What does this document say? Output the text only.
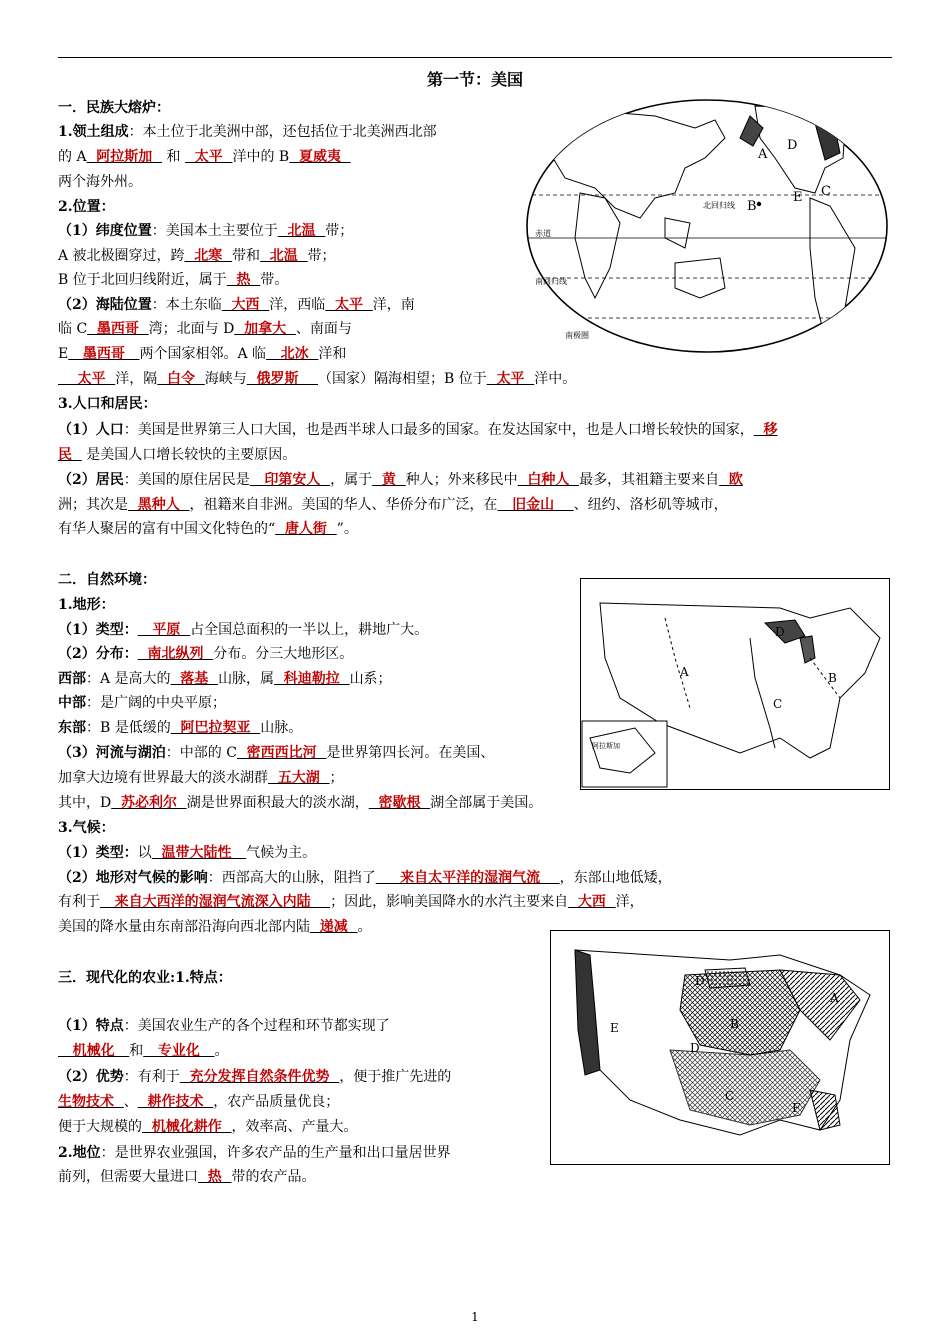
第一节：美国
一．民族大熔炉：
1.领土组成：本土位于北美洲中部，还包括位于北美洲西北部
的 A  阿拉斯加   和   太平  洋中的 B  夏威夷
两个海外州。
2.位置：
（1）纬度位置：美国本土主要位于  北温  带；
A 被北极圈穿过，跨  北寒  带和  北温  带；
B 位于北回归线附近，属于  热  带。
（2）海陆位置：本土东临  大西  洋，西临  太平  洋，南
临 C  墨西哥  湾；北面与 D  加拿大  、南面与
E   墨西哥   两个国家相邻。A 临   北冰  洋和
太平  洋，隔  白令  海峡与  俄罗斯    （国家）隔海相望；B 位于  太平  洋中。
3.人口和居民：
（1）人口：美国是世界第三人口大国，也是西半球人口最多的国家。在发达国家中，也是人口增长较快的国家，  移
民   是美国人口增长较快的主要原因。
（2）居民：美国的原住居民是   印第安人  ，属于  黄  种人；外来移民中  白种人  最多，其祖籍主要来自  欧
洲；其次是  黑种人  ，祖籍来自非洲。美国的华人、华侨分布广泛，在   旧金山    、纽约、洛杉矶等城市，
有华人聚居的富有中国文化特色的“  唐人街  ”。
二．自然环境：
1.地形：
（1）类型：   平原  占全国总面积的一半以上，耕地广大。
（2）分布：  南北纵列  分布。分三大地形区。
西部：A 是高大的  落基  山脉，属  科迪勒拉  山系；
中部：是广阔的中央平原；
东部：B 是低缓的  阿巴拉契亚  山脉。
（3）河流与湖泊：中部的 C  密西西比河  是世界第四长河。在美国、
加拿大边境有世界最大的淡水湖群  五大湖  ；
其中，D  苏必利尔  湖是世界面积最大的淡水湖，  密歇根  湖全部属于美国。
3.气候：
（1）类型：以  温带大陆性   气候为主。
（2）地形对气候的影响：西部高大的山脉，阻挡了     来自太平洋的湿润气流    ，东部山地低矮，
有利于   来自大西洋的湿润气流深入内陆    ；因此，影响美国降水的水汽主要来自  大西  洋，
美国的降水量由东南部沿海向西北部内陆  递减  。
三．现代化的农业:1.特点：
（1）特点：美国农业生产的各个过程和环节都实现了
机械化   和   专业化   。
（2）优势：有利于  充分发挥自然条件优势  ，便于推广先进的
生物技术  、  耕作技术  ，农产品质量优良；
便于大规模的  机械化耕作  ，效率高、产量大。
2.地位：是世界农业强国，许多农产品的生产量和出口量居世界
前列，但需要大量进口  热  带的农产品。
A
D
B
C
E
北回归线
赤道
南回归线
南极圈
D
A	B
C
阿拉斯加
D
A
B
C
D
E
F
1
